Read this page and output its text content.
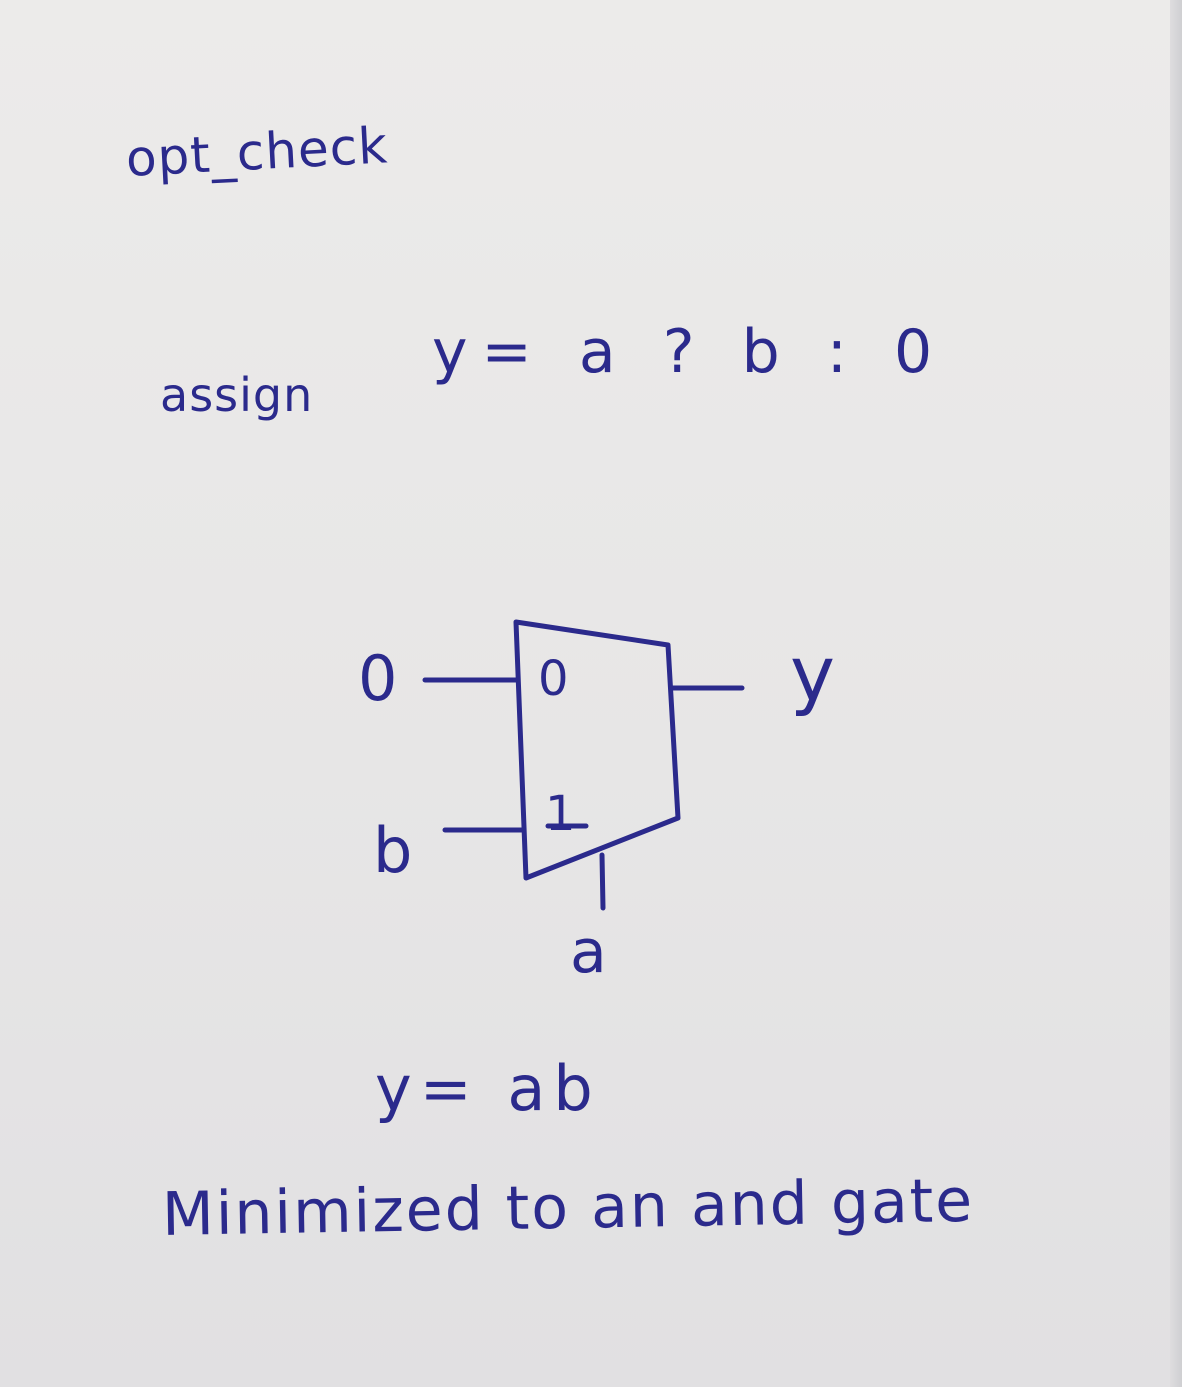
opt_check
assign
y= a ? b : 0
0
b
y
a
0
1
y= ab
Minimized to an and gate
